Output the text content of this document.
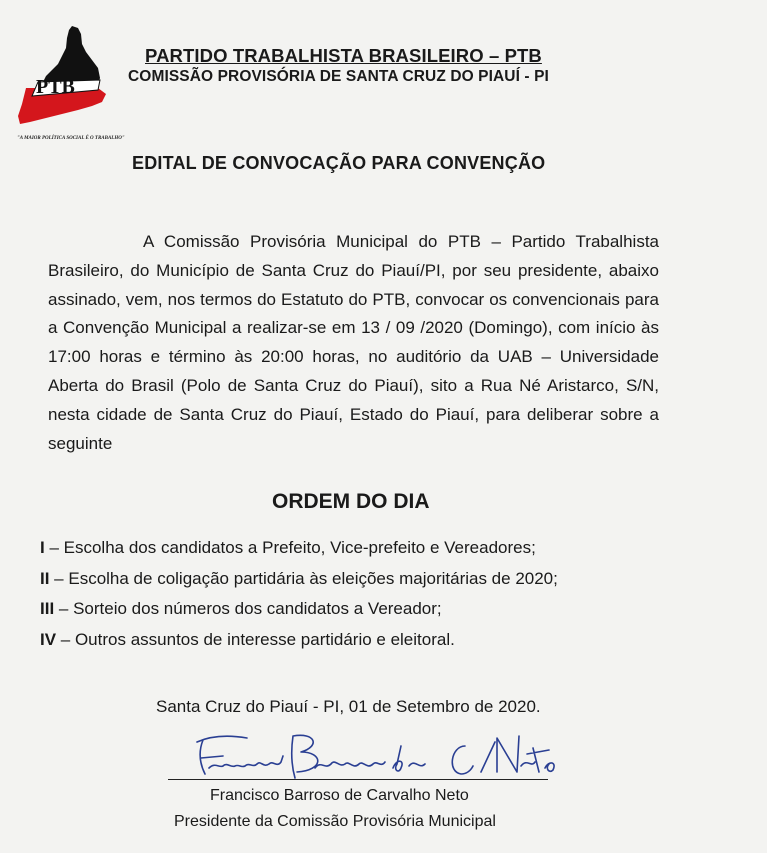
PTB
"A MAIOR POLÍTICA SOCIAL É O TRABALHO"
PARTIDO TRABALHISTA BRASILEIRO – PTB
COMISSÃO PROVISÓRIA DE SANTA CRUZ DO PIAUÍ - PI
EDITAL DE CONVOCAÇÃO PARA CONVENÇÃO

A Comissão Provisória Municipal do PTB – Partido Trabalhista Brasileiro, do Município de Santa Cruz do Piauí/PI, por seu presidente, abaixo assinado, vem, nos termos do Estatuto do PTB, convocar os convencionais para a Convenção Municipal a realizar-se em 13 / 09 /2020 (Domingo), com início às 17:00 horas e término às 20:00 horas, no auditório da UAB – Universidade Aberta do Brasil (Polo de Santa Cruz do Piauí), sito a Rua Né Aristarco, S/N, nesta cidade de Santa Cruz do Piauí, Estado do Piauí, para deliberar sobre a seguinte

ORDEM DO DIA
I – Escolha dos candidatos a Prefeito, Vice-prefeito e Vereadores;
II – Escolha de coligação partidária às eleições majoritárias de 2020;
III – Sorteio dos números dos candidatos a Vereador;
IV – Outros assuntos de interesse partidário e eleitoral.
Santa Cruz do Piauí - PI, 01 de Setembro de 2020.
Francisco Barroso de C Neto
Francisco Barroso de Carvalho Neto
Presidente da Comissão Provisória Municipal
